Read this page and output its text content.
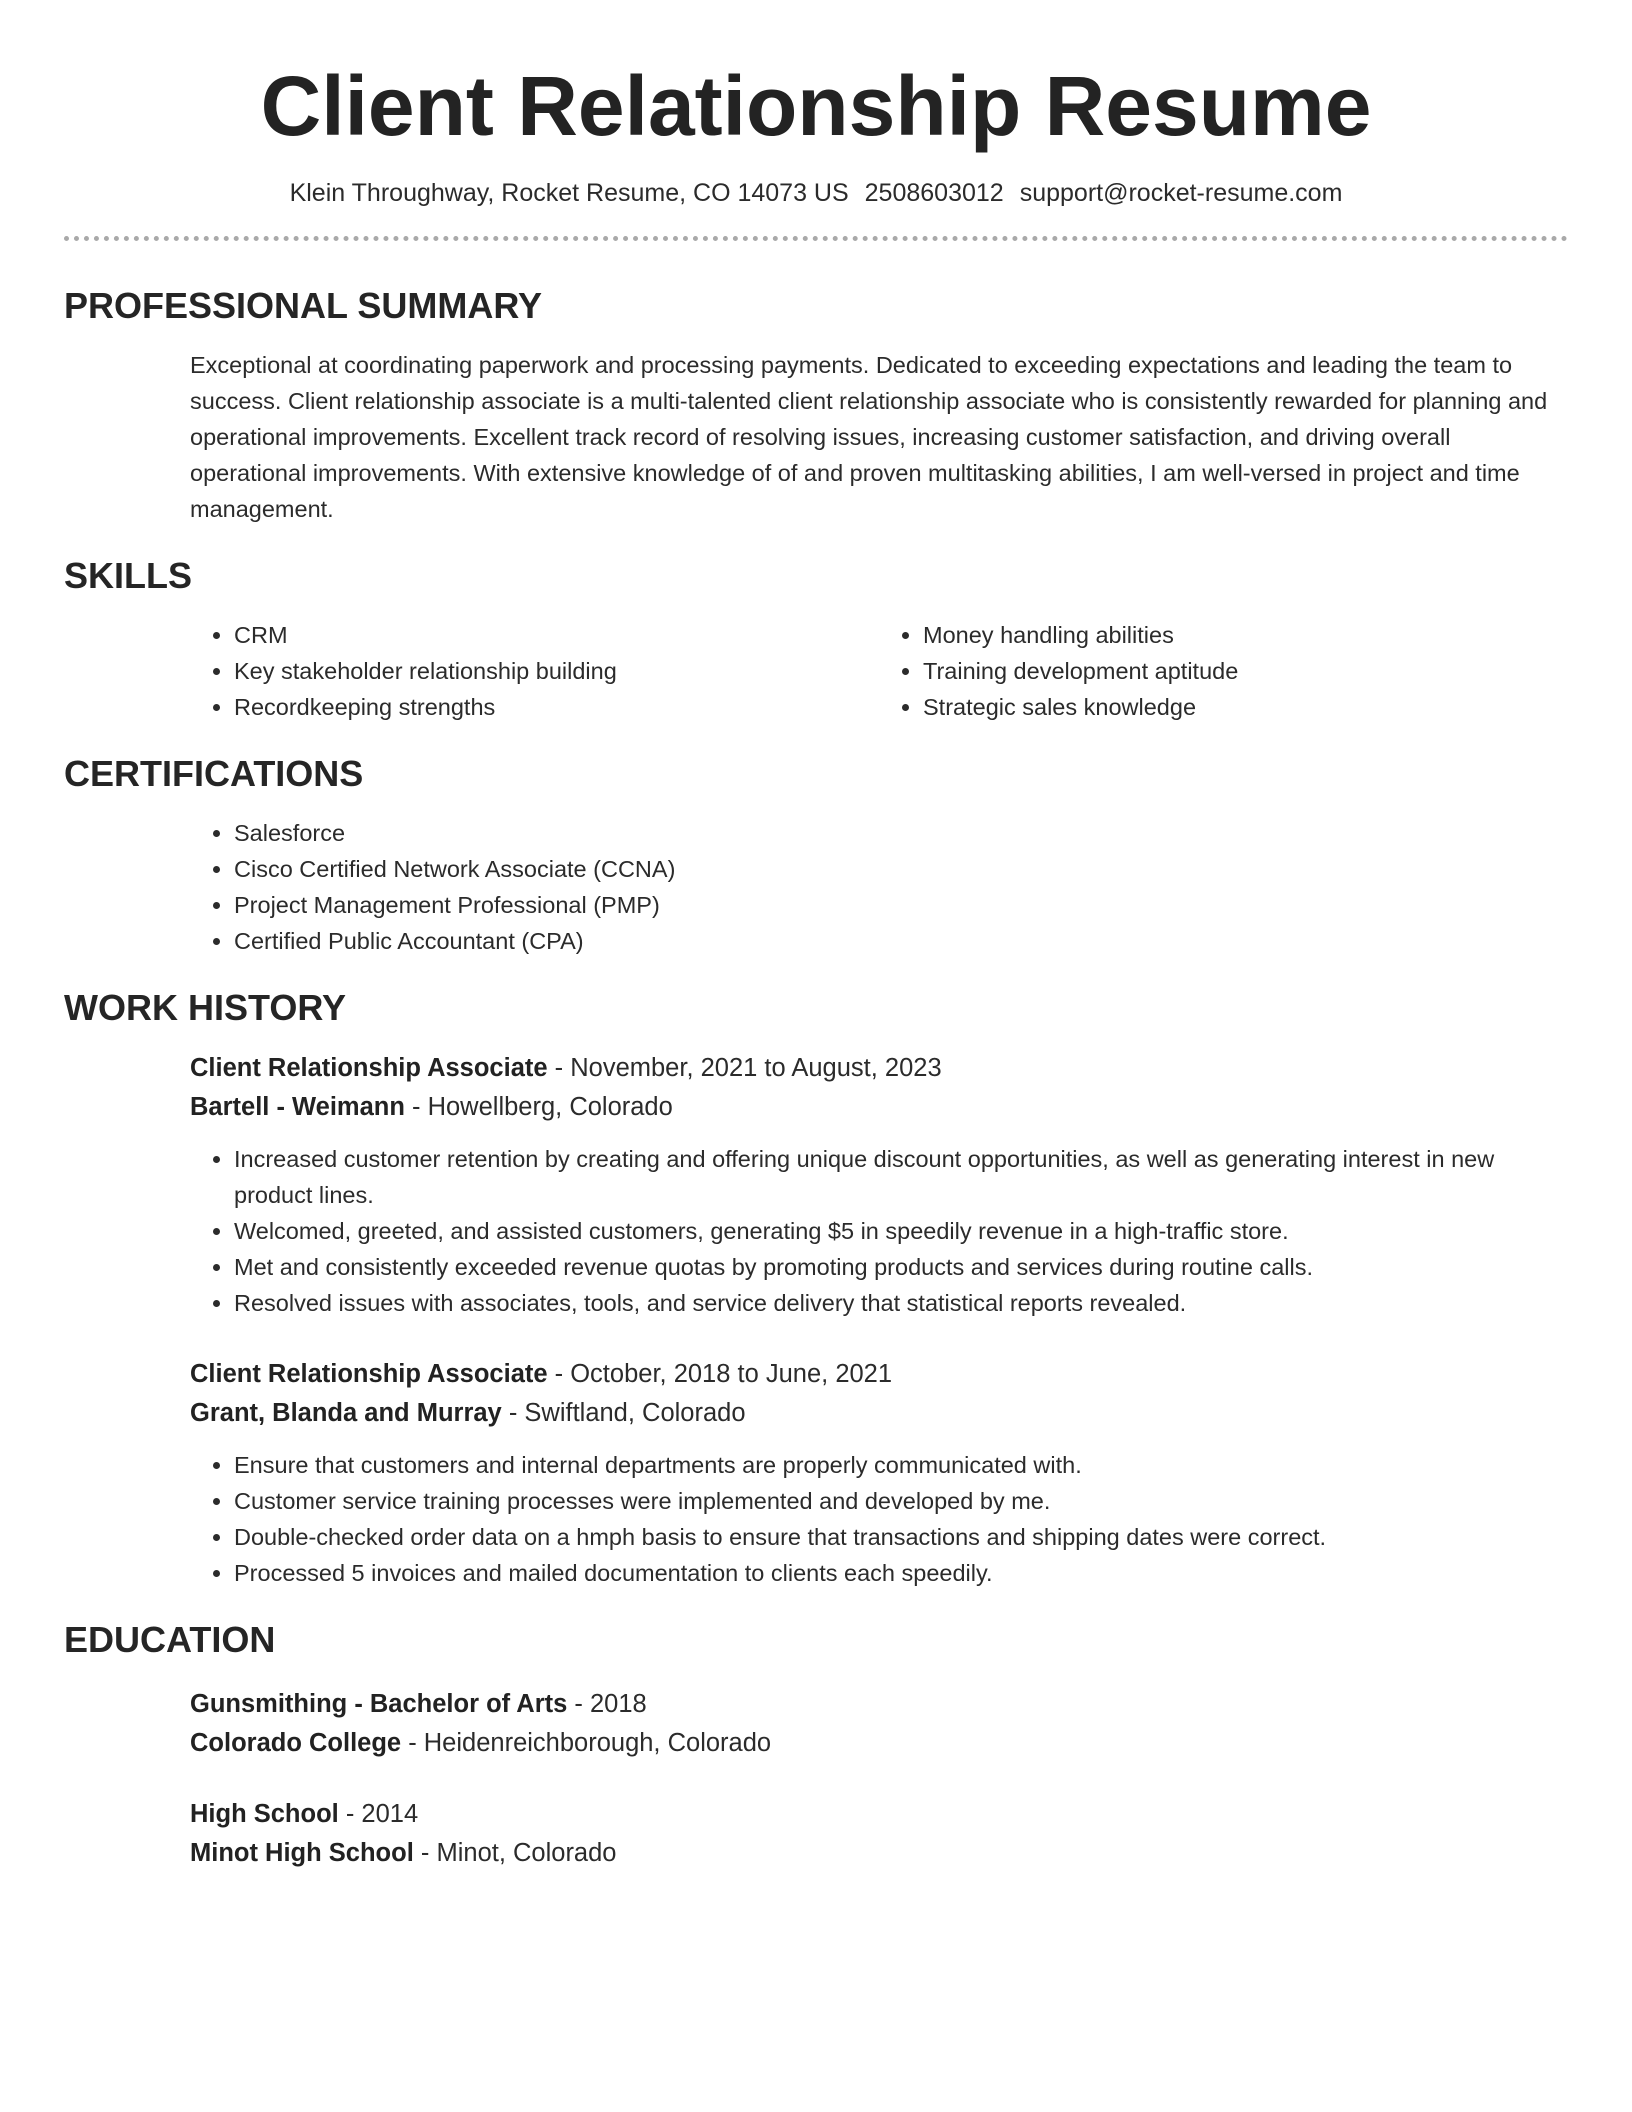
Client Relationship Resume
Klein Throughway, Rocket Resume, CO 14073 US 2508603012 support@rocket-resume.com
PROFESSIONAL SUMMARY
Exceptional at coordinating paperwork and processing payments. Dedicated to exceeding expectations and leading the team to success. Client relationship associate is a multi-talented client relationship associate who is consistently rewarded for planning and operational improvements. Excellent track record of resolving issues, increasing customer satisfaction, and driving overall operational improvements. With extensive knowledge of of and proven multitasking abilities, I am well-versed in project and time management.
SKILLS
• CRM
• Key stakeholder relationship building
• Recordkeeping strengths
• Money handling abilities
• Training development aptitude
• Strategic sales knowledge
CERTIFICATIONS
• Salesforce
• Cisco Certified Network Associate (CCNA)
• Project Management Professional (PMP)
• Certified Public Accountant (CPA)
WORK HISTORY
Client Relationship Associate - November, 2021 to August, 2023
Bartell - Weimann - Howellberg, Colorado
• Increased customer retention by creating and offering unique discount opportunities, as well as generating interest in new product lines.
• Welcomed, greeted, and assisted customers, generating $5 in speedily revenue in a high-traffic store.
• Met and consistently exceeded revenue quotas by promoting products and services during routine calls.
• Resolved issues with associates, tools, and service delivery that statistical reports revealed.
Client Relationship Associate - October, 2018 to June, 2021
Grant, Blanda and Murray - Swiftland, Colorado
• Ensure that customers and internal departments are properly communicated with.
• Customer service training processes were implemented and developed by me.
• Double-checked order data on a hmph basis to ensure that transactions and shipping dates were correct.
• Processed 5 invoices and mailed documentation to clients each speedily.
EDUCATION
Gunsmithing - Bachelor of Arts - 2018
Colorado College - Heidenreichborough, Colorado
High School - 2014
Minot High School - Minot, Colorado
